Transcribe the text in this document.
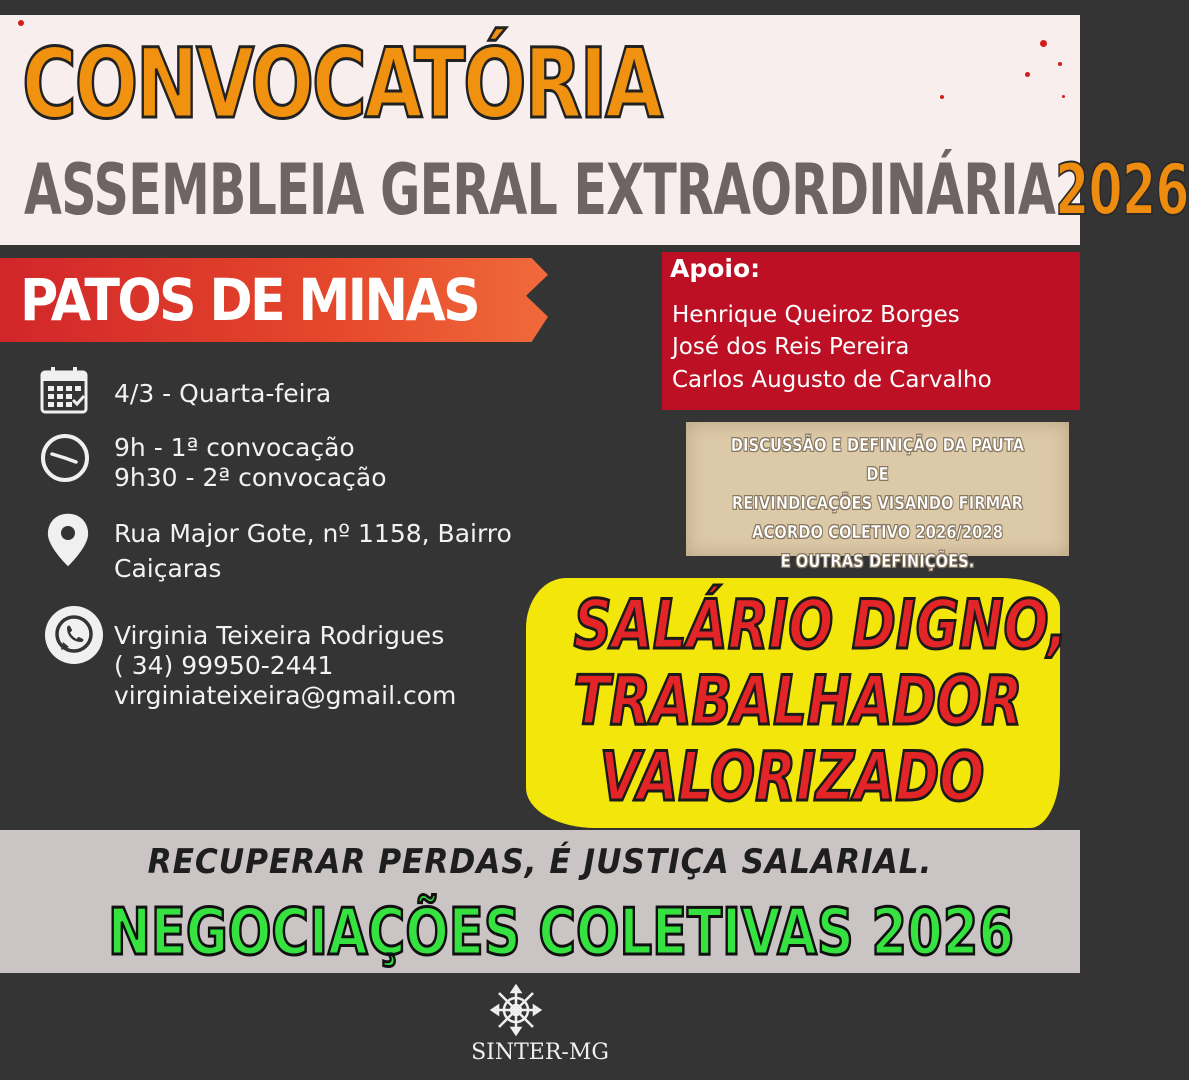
CONVOCATÓRIA
ASSEMBLEIA GERAL EXTRAORDINÁRIA2026
PATOS DE MINAS
4/3 - Quarta-feira
9h - 1ª convocação
9h30 - 2ª convocação
Rua Major Gote, nº 1158, Bairro
Caiçaras
Virginia Teixeira Rodrigues
( 34) 99950-2441
virginiateixeira@gmail.com
Apoio:
Henrique Queiroz Borges
José dos Reis Pereira
Carlos Augusto de Carvalho
DISCUSSÃO E DEFINIÇÃO DA PAUTA DE
REIVINDICAÇÕES VISANDO FIRMAR
ACORDO COLETIVO 2026/2028
E OUTRAS DEFINIÇÕES.
SALÁRIO DIGNO,
TRABALHADOR
VALORIZADO
RECUPERAR PERDAS, É JUSTIÇA SALARIAL.
NEGOCIAÇÕES COLETIVAS 2026
SINTER-MG
